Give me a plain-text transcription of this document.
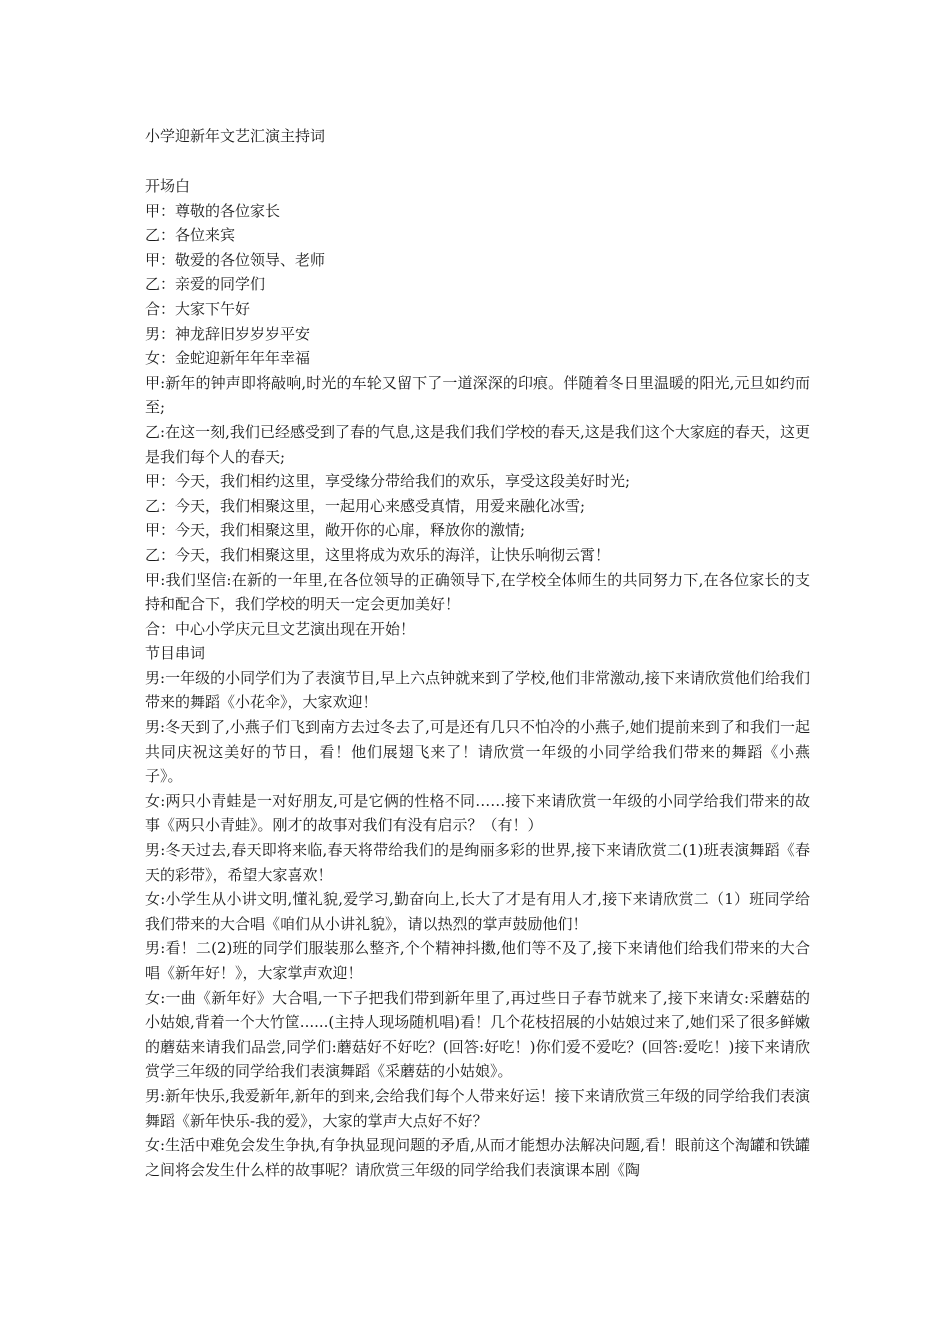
小学迎新年文艺汇演主持词

开场白

甲：尊敬的各位家长

乙：各位来宾

甲：敬爱的各位领导、老师

乙：亲爱的同学们

合：大家下午好

男：神龙辞旧岁岁岁平安

女：金蛇迎新年年年幸福

甲:新年的钟声即将敲响,时光的车轮又留下了一道深深的印痕。伴随着冬日里温暖的阳光,元旦如约而至;

乙:在这一刻,我们已经感受到了春的气息,这是我们我们学校的春天,这是我们这个大家庭的春天，这更是我们每个人的春天;

甲：今天，我们相约这里，享受缘分带给我们的欢乐，享受这段美好时光;

乙：今天，我们相聚这里，一起用心来感受真情，用爱来融化冰雪;

甲：今天，我们相聚这里，敞开你的心扉，释放你的激情;

乙：今天，我们相聚这里，这里将成为欢乐的海洋，让快乐响彻云霄！

甲:我们坚信:在新的一年里,在各位领导的正确领导下,在学校全体师生的共同努力下,在各位家长的支持和配合下，我们学校的明天一定会更加美好！

合：中心小学庆元旦文艺演出现在开始！

节目串词

男:一年级的小同学们为了表演节目,早上六点钟就来到了学校,他们非常激动,接下来请欣赏他们给我们带来的舞蹈《小花伞》，大家欢迎！

男:冬天到了,小燕子们飞到南方去过冬去了,可是还有几只不怕冷的小燕子,她们提前来到了和我们一起共同庆祝这美好的节日，看！他们展翅飞来了！请欣赏一年级的小同学给我们带来的舞蹈《小燕子》。

女:两只小青蛙是一对好朋友,可是它俩的性格不同……接下来请欣赏一年级的小同学给我们带来的故事《两只小青蛙》。刚才的故事对我们有没有启示？（有！）

男:冬天过去,春天即将来临,春天将带给我们的是绚丽多彩的世界,接下来请欣赏二(1)班表演舞蹈《春天的彩带》，希望大家喜欢！

女:小学生从小讲文明,懂礼貌,爱学习,勤奋向上,长大了才是有用人才,接下来请欣赏二（1）班同学给我们带来的大合唱《咱们从小讲礼貌》，请以热烈的掌声鼓励他们！

男:看！二(2)班的同学们服装那么整齐,个个精神抖擞,他们等不及了,接下来请他们给我们带来的大合唱《新年好！》，大家掌声欢迎！

女:一曲《新年好》大合唱,一下子把我们带到新年里了,再过些日子春节就来了,接下来请女:采蘑菇的小姑娘,背着一个大竹筐......(主持人现场随机唱)看！几个花枝招展的小姑娘过来了,她们采了很多鲜嫩的蘑菇来请我们品尝,同学们:蘑菇好不好吃？(回答:好吃！)你们爱不爱吃？(回答:爱吃！)接下来请欣赏学三年级的同学给我们表演舞蹈《采蘑菇的小姑娘》。

男:新年快乐,我爱新年,新年的到来,会给我们每个人带来好运！接下来请欣赏三年级的同学给我们表演舞蹈《新年快乐-我的爱》，大家的掌声大点好不好？

女:生活中难免会发生争执,有争执显现问题的矛盾,从而才能想办法解决问题,看！眼前这个淘罐和铁罐之间将会发生什么样的故事呢？请欣赏三年级的同学给我们表演课本剧《陶
